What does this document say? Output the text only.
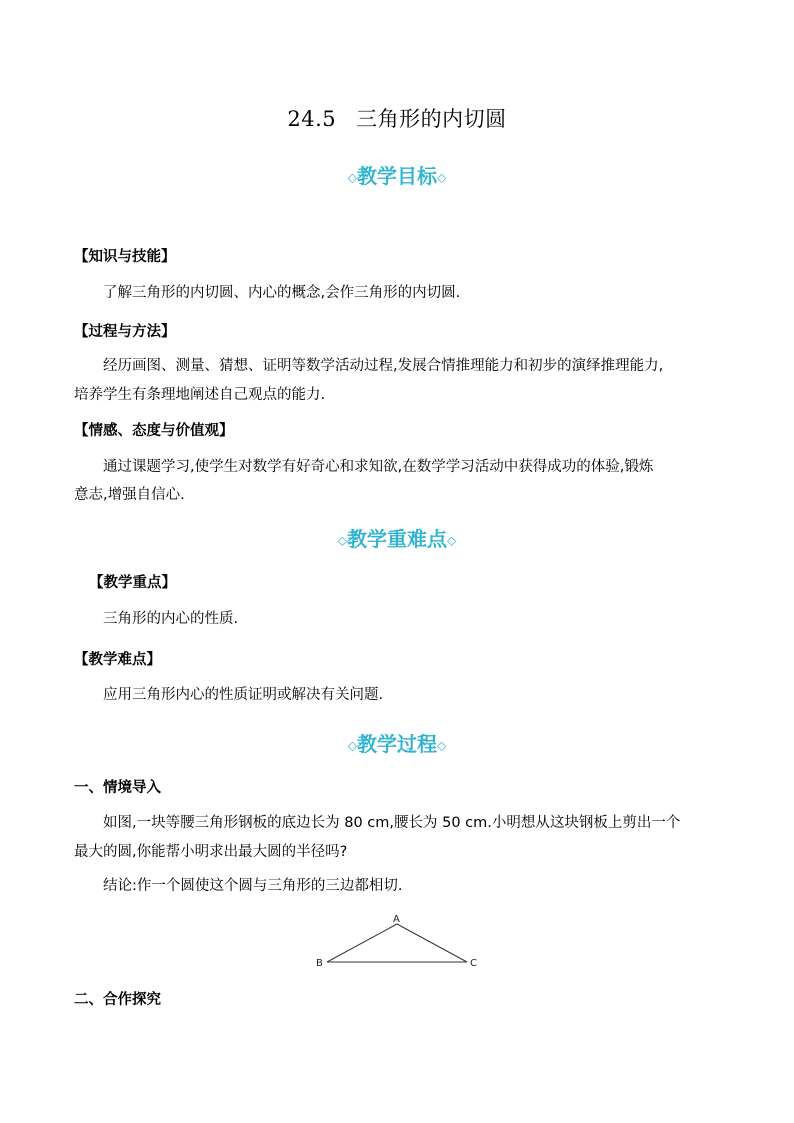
24.5 三角形的内切圆
◇教学目标◇
【知识与技能】
了解三角形的内切圆、内心的概念,会作三角形的内切圆.
【过程与方法】
经历画图、测量、猜想、证明等数学活动过程,发展合情推理能力和初步的演绎推理能力,
培养学生有条理地阐述自己观点的能力.
【情感、态度与价值观】
通过课题学习,使学生对数学有好奇心和求知欲,在数学学习活动中获得成功的体验,锻炼
意志,增强自信心.
◇教学重难点◇
【教学重点】
三角形的内心的性质.
【教学难点】
应用三角形内心的性质证明或解决有关问题.
◇教学过程◇
一、情境导入
如图,一块等腰三角形钢板的底边长为 80 cm,腰长为 50 cm.小明想从这块钢板上剪出一个
最大的圆,你能帮小明求出最大圆的半径吗?
结论:作一个圆使这个圆与三角形的三边都相切.
A
B	C
二、合作探究
